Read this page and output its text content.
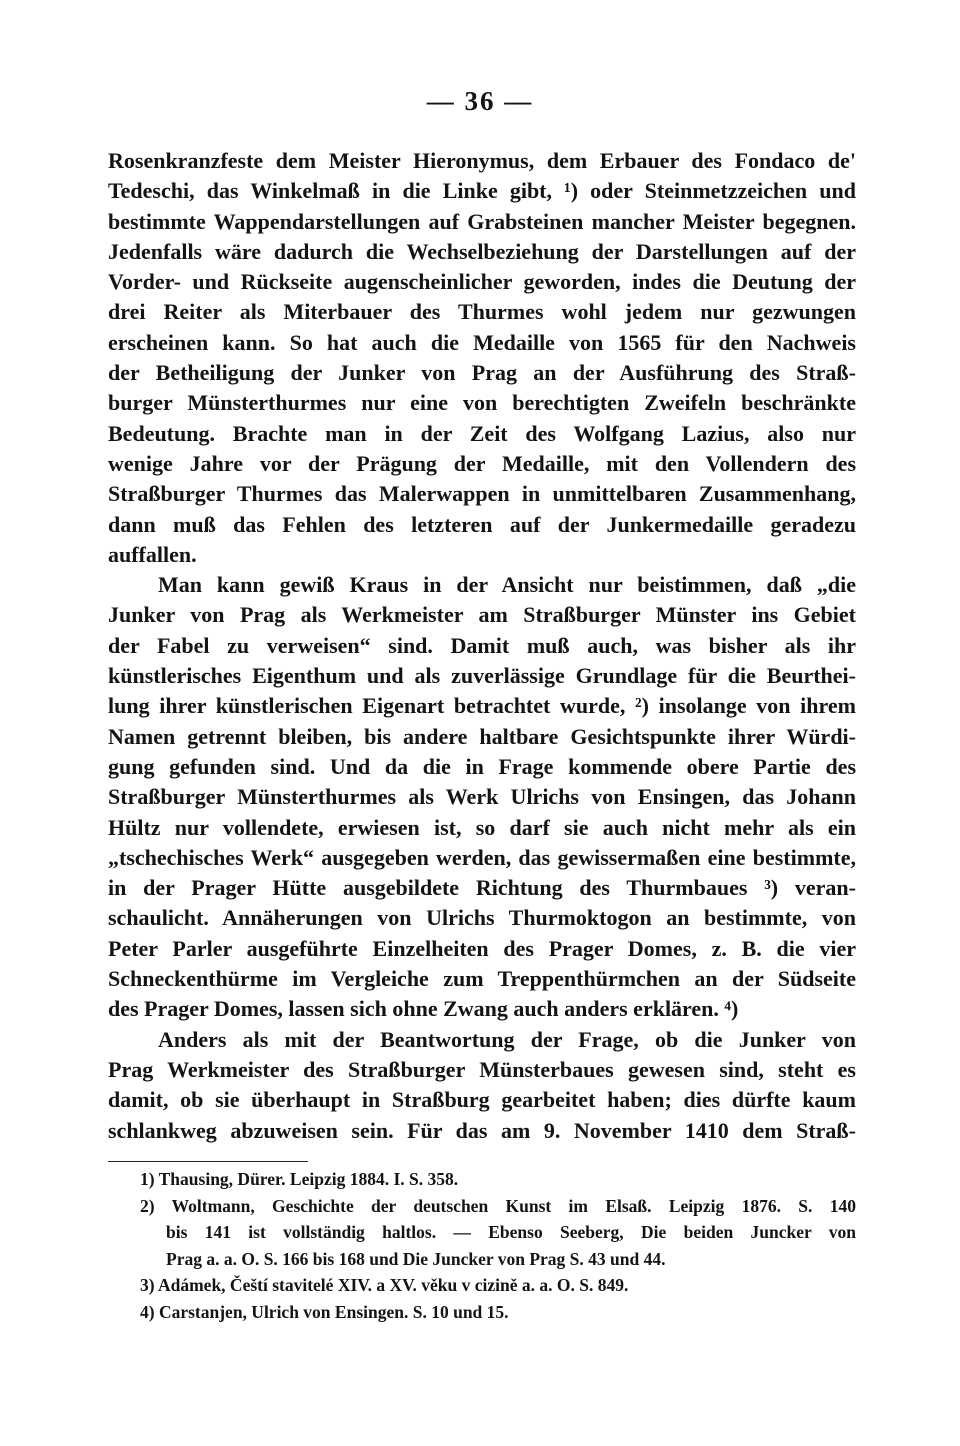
— 36 —
Rosenkranzfeste dem Meister Hieronymus, dem Erbauer des Fondaco de'
Tedeschi, das Winkelmaß in die Linke gibt, ¹) oder Steinmetzzeichen und
bestimmte Wappendarstellungen auf Grabsteinen mancher Meister begegnen.
Jedenfalls wäre dadurch die Wechselbeziehung der Darstellungen auf der
Vorder- und Rückseite augenscheinlicher geworden, indes die Deutung der
drei Reiter als Miterbauer des Thurmes wohl jedem nur gezwungen
erscheinen kann. So hat auch die Medaille von 1565 für den Nachweis
der Betheiligung der Junker von Prag an der Ausführung des Straß-
burger Münsterthurmes nur eine von berechtigten Zweifeln beschränkte
Bedeutung. Brachte man in der Zeit des Wolfgang Lazius, also nur
wenige Jahre vor der Prägung der Medaille, mit den Vollendern des
Straßburger Thurmes das Malerwappen in unmittelbaren Zusammenhang,
dann muß das Fehlen des letzteren auf der Junkermedaille geradezu
auffallen.
Man kann gewiß Kraus in der Ansicht nur beistimmen, daß „die
Junker von Prag als Werkmeister am Straßburger Münster ins Gebiet
der Fabel zu verweisen“ sind. Damit muß auch, was bisher als ihr
künstlerisches Eigenthum und als zuverlässige Grundlage für die Beurthei-
lung ihrer künstlerischen Eigenart betrachtet wurde, ²) insolange von ihrem
Namen getrennt bleiben, bis andere haltbare Gesichtspunkte ihrer Würdi-
gung gefunden sind. Und da die in Frage kommende obere Partie des
Straßburger Münsterthurmes als Werk Ulrichs von Ensingen, das Johann
Hültz nur vollendete, erwiesen ist, so darf sie auch nicht mehr als ein
„tschechisches Werk“ ausgegeben werden, das gewissermaßen eine bestimmte,
in der Prager Hütte ausgebildete Richtung des Thurmbaues ³) veran-
schaulicht. Annäherungen von Ulrichs Thurmoktogon an bestimmte, von
Peter Parler ausgeführte Einzelheiten des Prager Domes, z. B. die vier
Schneckenthürme im Vergleiche zum Treppenthürmchen an der Südseite
des Prager Domes, lassen sich ohne Zwang auch anders erklären. ⁴)
Anders als mit der Beantwortung der Frage, ob die Junker von
Prag Werkmeister des Straßburger Münsterbaues gewesen sind, steht es
damit, ob sie überhaupt in Straßburg gearbeitet haben; dies dürfte kaum
schlankweg abzuweisen sein. Für das am 9. November 1410 dem Straß-
1) Thausing, Dürer. Leipzig 1884. I. S. 358.
2) Woltmann, Geschichte der deutschen Kunst im Elsaß. Leipzig 1876. S. 140
bis 141 ist vollständig haltlos. — Ebenso Seeberg, Die beiden Juncker von
Prag a. a. O. S. 166 bis 168 und Die Juncker von Prag S. 43 und 44.
3) Adámek, Čeští stavitelé XIV. a XV. věku v cizině a. a. O. S. 849.
4) Carstanjen, Ulrich von Ensingen. S. 10 und 15.
